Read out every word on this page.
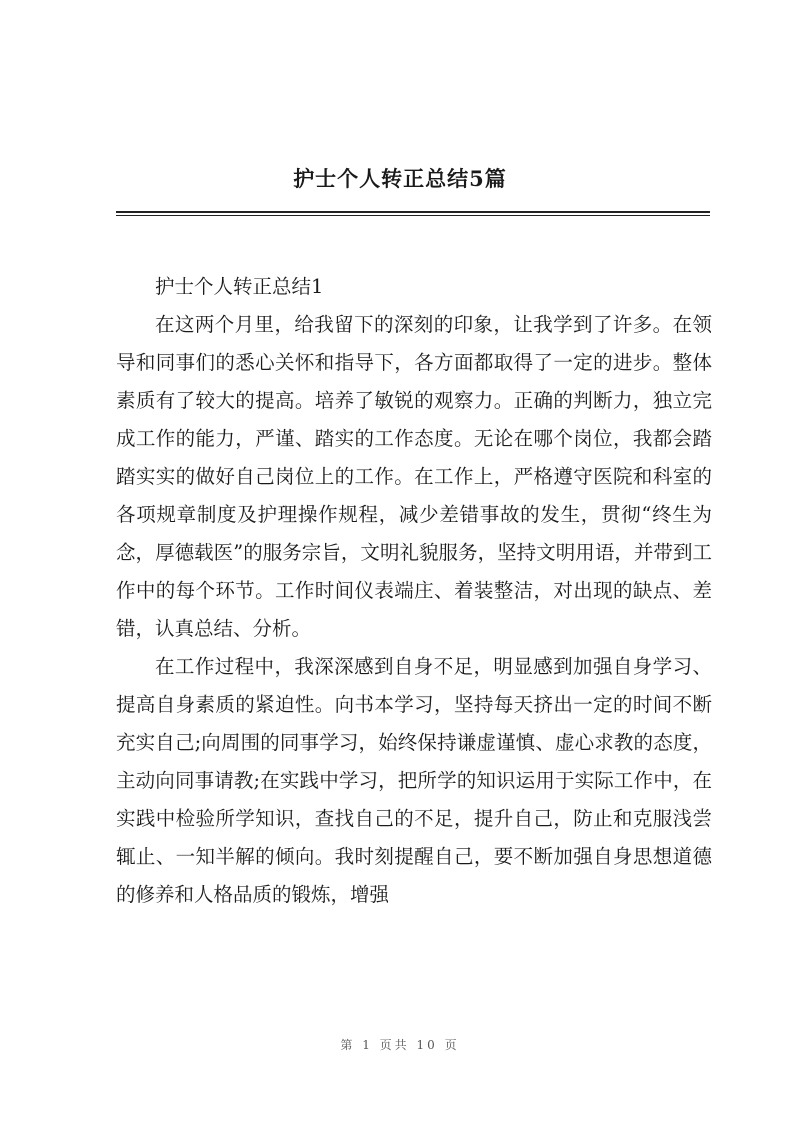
护士个人转正总结5篇
护士个人转正总结1

在这两个月里，给我留下的深刻的印象，让我学到了许多。在领导和同事们的悉心关怀和指导下，各方面都取得了一定的进步。整体素质有了较大的提高。培养了敏锐的观察力。正确的判断力，独立完成工作的能力，严谨、踏实的工作态度。无论在哪个岗位，我都会踏踏实实的做好自己岗位上的工作。在工作上，严格遵守医院和科室的各项规章制度及护理操作规程，减少差错事故的发生，贯彻“终生为念，厚德载医”的服务宗旨，文明礼貌服务，坚持文明用语，并带到工作中的每个环节。工作时间仪表端庄、着装整洁，对出现的缺点、差错，认真总结、分析。

在工作过程中，我深深感到自身不足，明显感到加强自身学习、提高自身素质的紧迫性。向书本学习，坚持每天挤出一定的时间不断充实自己;向周围的同事学习，始终保持谦虚谨慎、虚心求教的态度，主动向同事请教;在实践中学习，把所学的知识运用于实际工作中，在实践中检验所学知识，查找自己的不足，提升自己，防止和克服浅尝辄止、一知半解的倾向。我时刻提醒自己，要不断加强自身思想道德的修养和人格品质的锻炼，增强

第 1 页共 10 页
